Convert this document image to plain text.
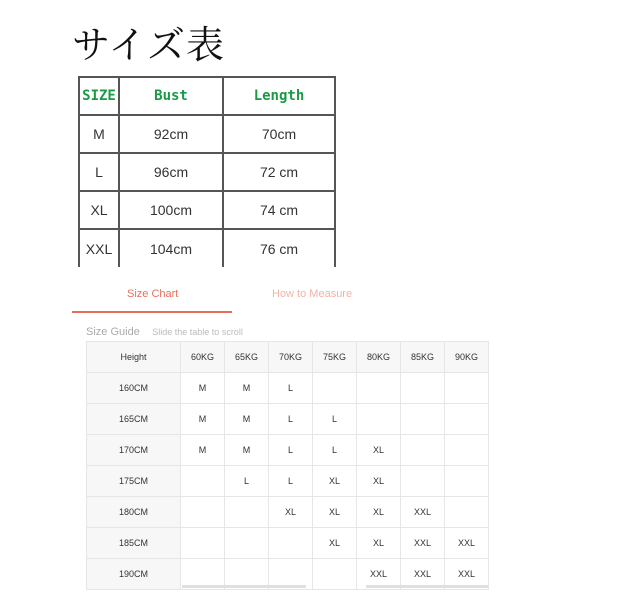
サイズ表
SIZE	Bust	Length
M	92cm	70cm
L	96cm	72 cm
XL	100cm	74 cm
XXL	104cm	76 cm
Size Chart	How to Measure
Size Guide Slide the table to scroll
Height	60KG	65KG	70KG	75KG	80KG	85KG	90KG
160CM	M	M	L				
165CM	M	M	L	L			
170CM	M	M	L	L	XL		
175CM		L	L	XL	XL		
180CM			XL	XL	XL	XXL	
185CM				XL	XL	XXL	XXL
190CM					XXL	XXL	XXL
